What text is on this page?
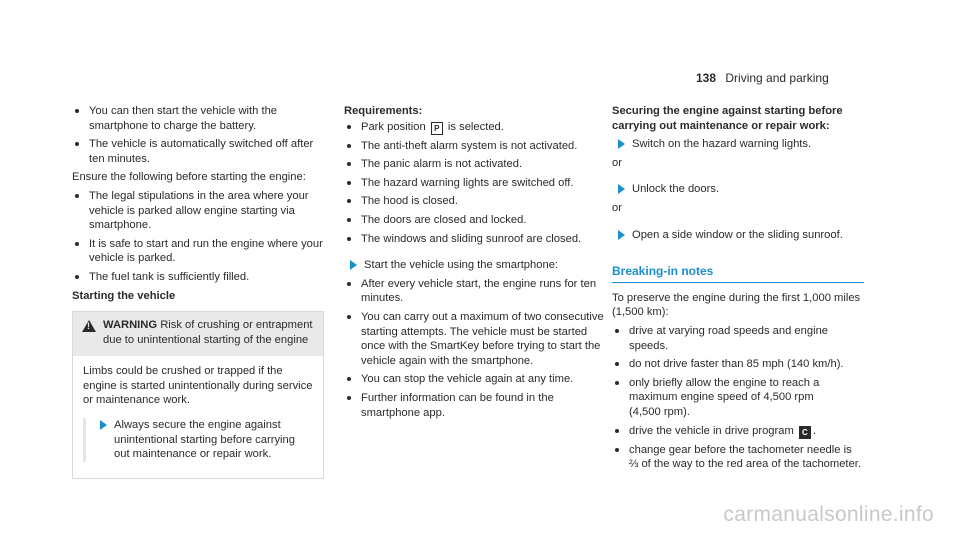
138 Driving and parking
You can then start the vehicle with the smartphone to charge the battery.
The vehicle is automatically switched off after ten minutes.

Ensure the following before starting the engine:

The legal stipulations in the area where your vehicle is parked allow engine starting via smartphone.
It is safe to start and run the engine where your vehicle is parked.
The fuel tank is sufficiently filled.

Starting the vehicle

!
WARNING Risk of crushing or entrapment due to unintentional starting of the engine

Limbs could be crushed or trapped if the engine is started unintentionally during service or maintenance work.

Always secure the engine against unintentional starting before carrying out maintenance or repair work.

Requirements:

Park position P is selected.
The anti-theft alarm system is not activated.
The panic alarm is not activated.
The hazard warning lights are switched off.
The hood is closed.
The doors are closed and locked.
The windows and sliding sunroof are closed.
Start the vehicle using the smartphone:
After every vehicle start, the engine runs for ten minutes.
You can carry out a maximum of two consecutive starting attempts. The vehicle must be started once with the SmartKey before trying to start the vehicle again with the smartphone.
You can stop the vehicle again at any time.
Further information can be found in the smartphone app.

Securing the engine against starting before carrying out maintenance or repair work:

Switch on the hazard warning lights.

or

Unlock the doors.

or

Open a side window or the sliding sunroof.
Breaking-in notes

To preserve the engine during the first 1,000 miles (1,500 km):

drive at varying road speeds and engine speeds.
do not drive faster than 85 mph (140 km/h).
only briefly allow the engine to reach a maximum engine speed of 4,500 rpm
(4,500 rpm).
drive the vehicle in drive program C .
change gear before the tachometer needle is ⅔ of the way to the red area of the tachometer.
carmanualsonline.info
